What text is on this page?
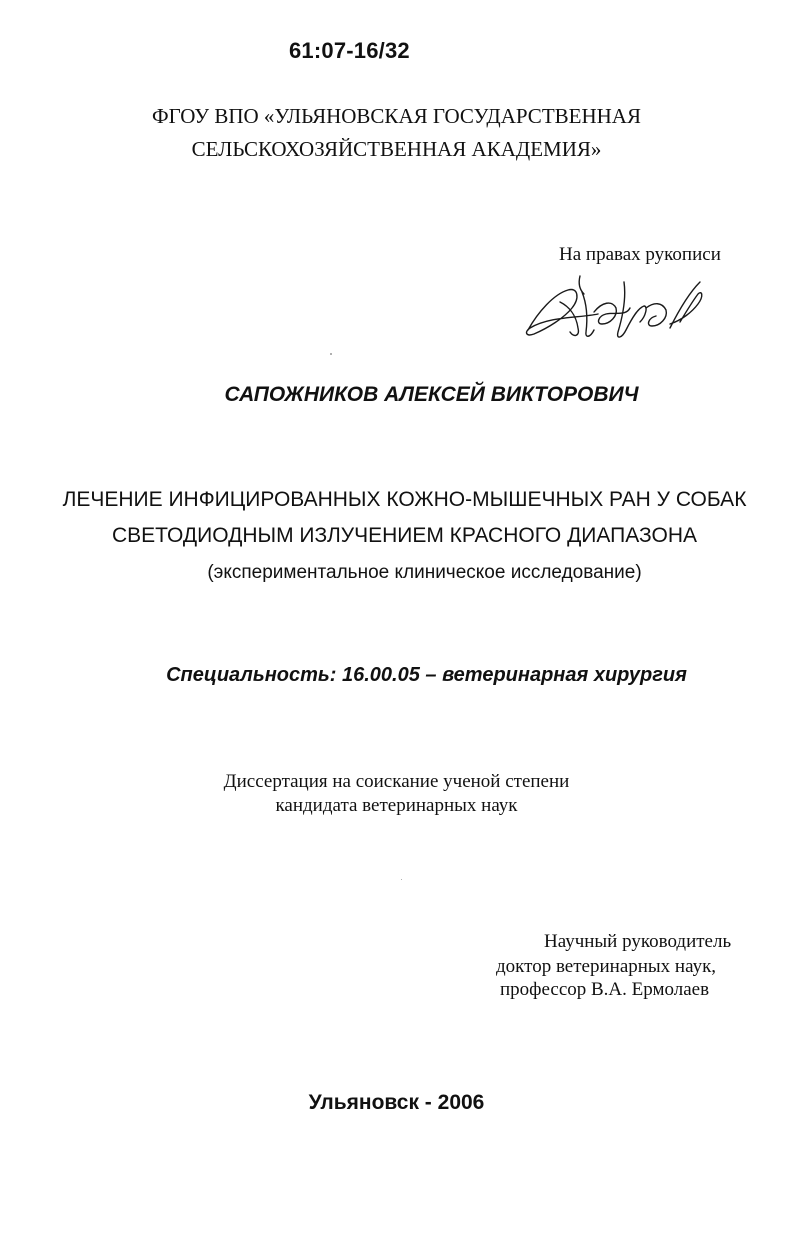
61:07-16/32
ФГОУ ВПО «УЛЬЯНОВСКАЯ ГОСУДАРСТВЕННАЯ
СЕЛЬСКОХОЗЯЙСТВЕННАЯ АКАДЕМИЯ»
На правах рукописи
САПОЖНИКОВ АЛЕКСЕЙ ВИКТОРОВИЧ
ЛЕЧЕНИЕ ИНФИЦИРОВАННЫХ КОЖНО-МЫШЕЧНЫХ РАН У СОБАК
СВЕТОДИОДНЫМ ИЗЛУЧЕНИЕМ КРАСНОГО ДИАПАЗОНА
(экспериментальное клиническое исследование)
Специальность: 16.00.05 – ветеринарная хирургия
Диссертация на соискание ученой степени
кандидата ветеринарных наук
Научный руководитель
доктор ветеринарных наук,
профессор В.А. Ермолаев
Ульяновск - 2006
